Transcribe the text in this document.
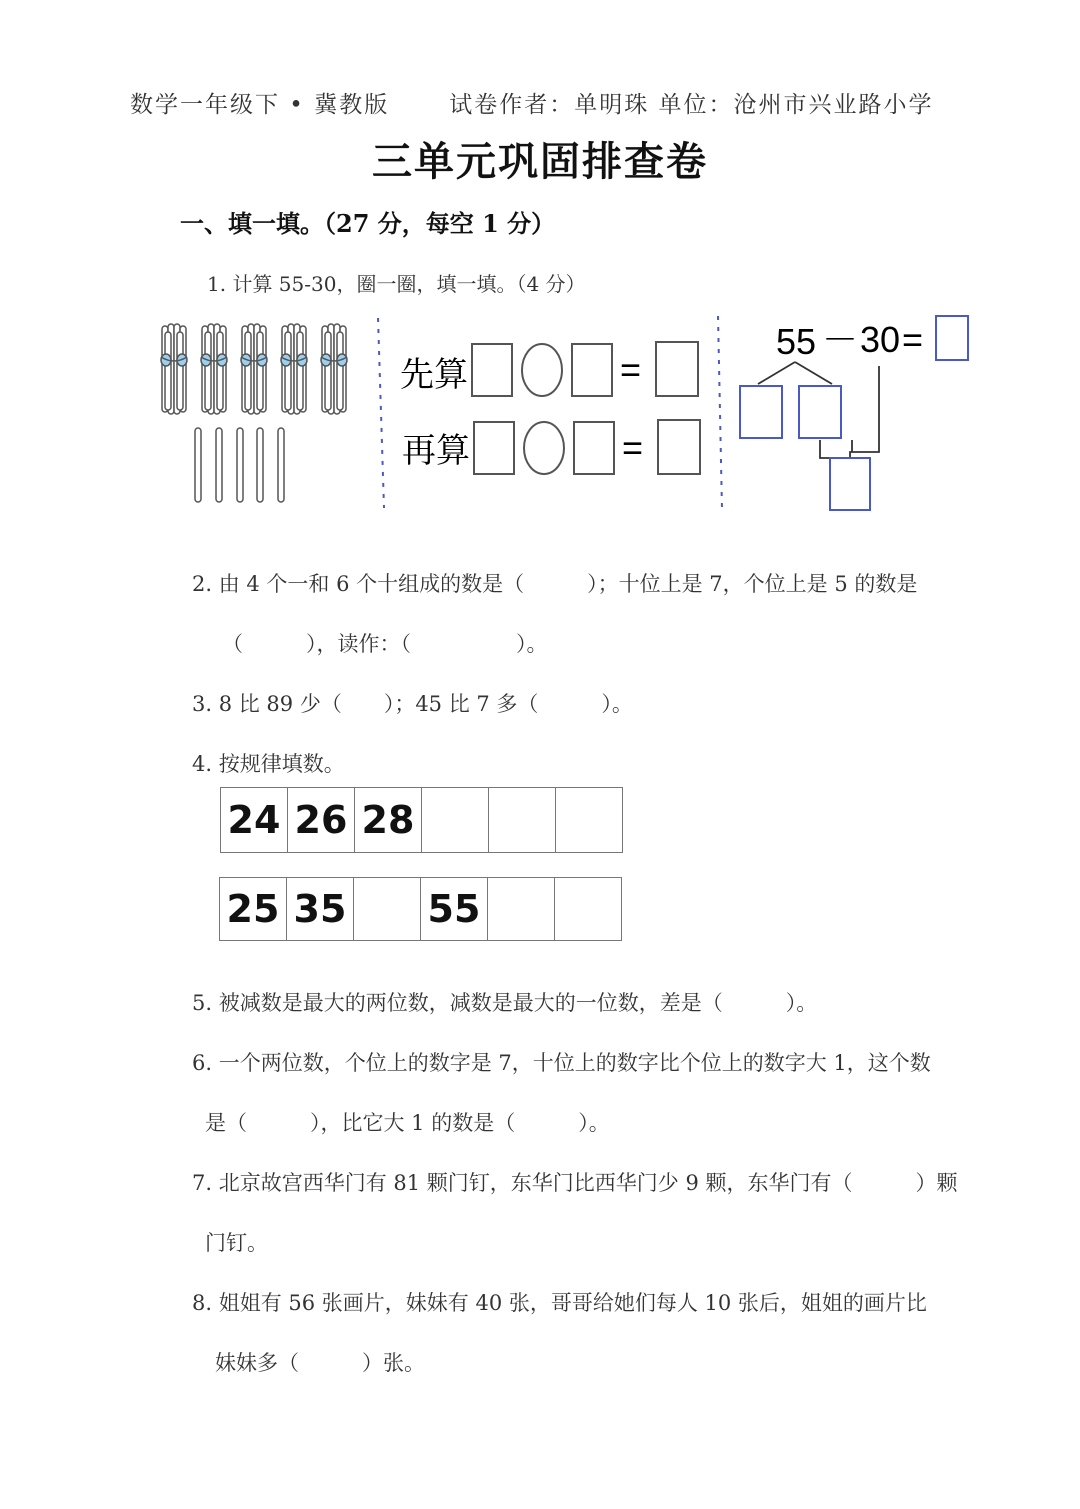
数学一年级下 • 冀教版	试卷作者：单明珠 单位：沧州市兴业路小学
三单元巩固排查卷
一、填一填。（27 分，每空 1 分）
1. 计算 55-30，圈一圈，填一填。（4 分）
先算
再算
=
=
55 － 30 =
2. 由 4 个一和 6 个十组成的数是（　　　）；十位上是 7，个位上是 5 的数是
（　　　），读作：（　　　　　）。
3. 8 比 89 少（　　）；45 比 7 多（　　　）。
4. 按规律填数。
24	26	28			
25	35		55		
5. 被减数是最大的两位数，减数是最大的一位数，差是（　　　）。
6. 一个两位数，个位上的数字是 7，十位上的数字比个位上的数字大 1，这个数
是（　　　），比它大 1 的数是（　　　）。
7. 北京故宫西华门有 81 颗门钉，东华门比西华门少 9 颗，东华门有（　　　）颗
门钉。
8. 姐姐有 56 张画片，妹妹有 40 张，哥哥给她们每人 10 张后，姐姐的画片比
妹妹多（　　　）张。
